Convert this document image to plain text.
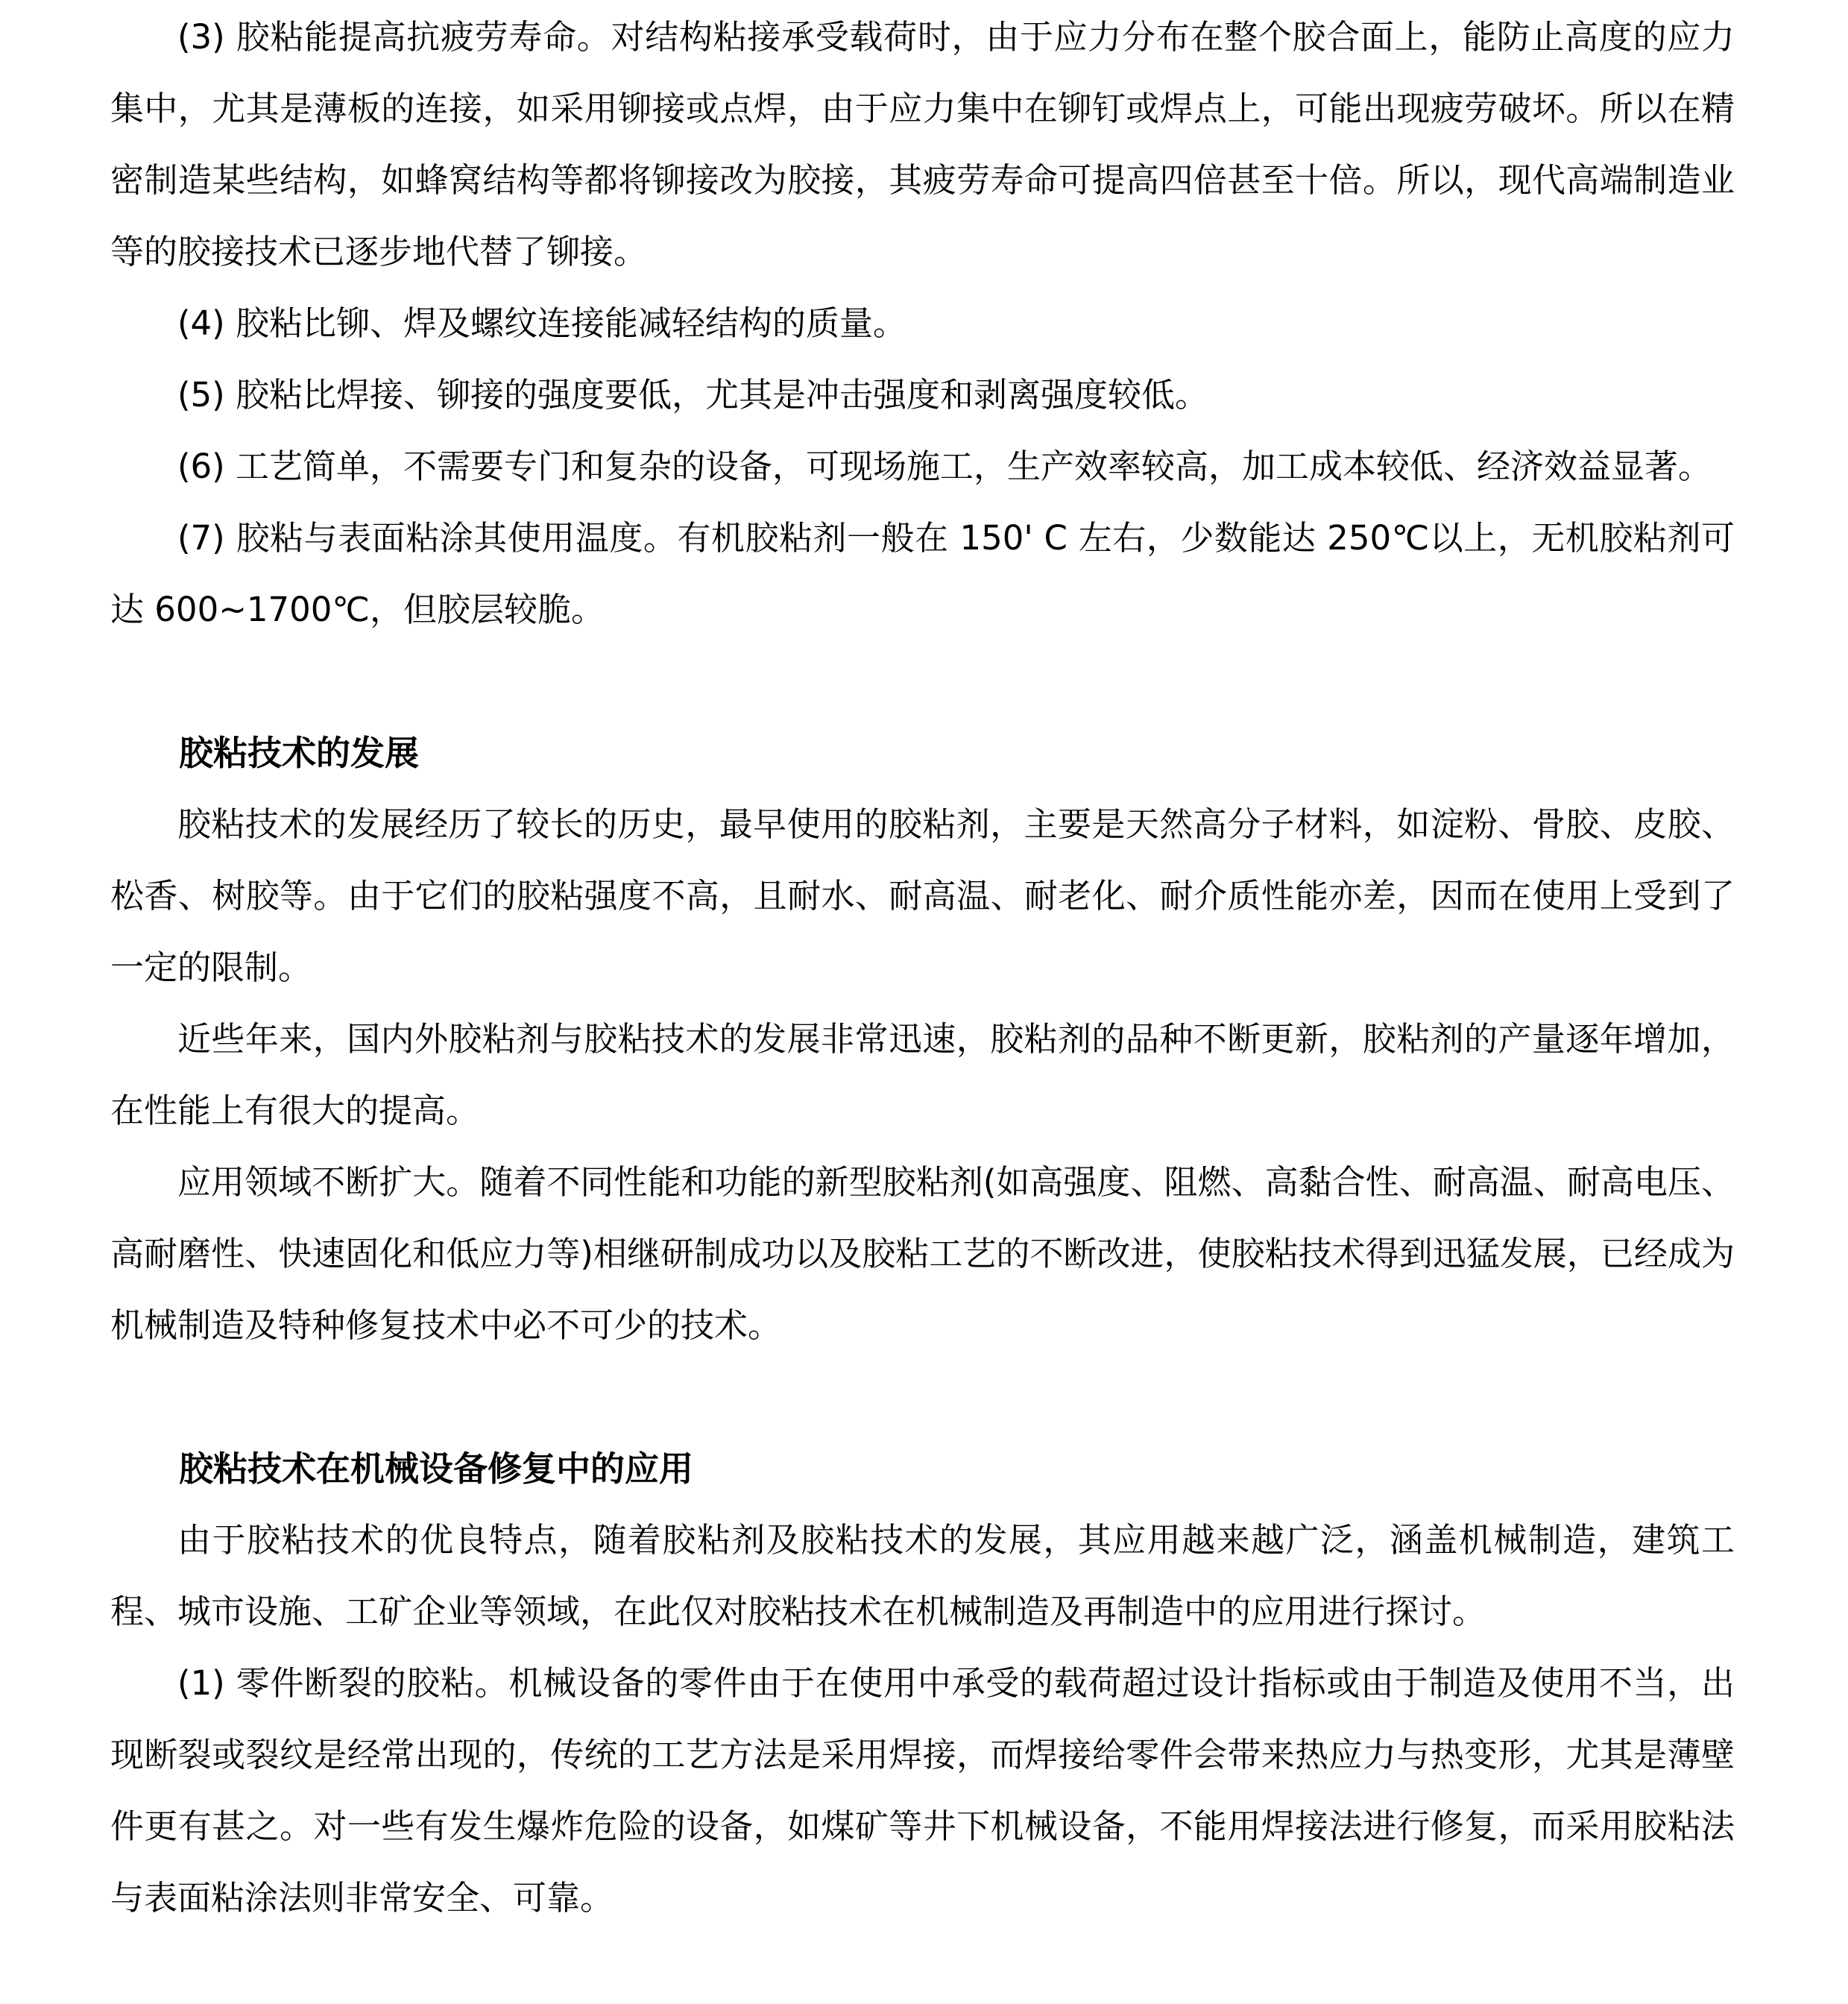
(3) 胶粘能提高抗疲劳寿命。对结构粘接承受载荷时，由于应力分布在整个胶合面上，能防止高度的应力集中，尤其是薄板的连接，如采用铆接或点焊，由于应力集中在铆钉或焊点上，可能出现疲劳破坏。所以在精密制造某些结构，如蜂窝结构等都将铆接改为胶接，其疲劳寿命可提高四倍甚至十倍。所以，现代高端制造业等的胶接技术已逐步地代替了铆接。

(4) 胶粘比铆、焊及螺纹连接能减轻结构的质量。

(5) 胶粘比焊接、铆接的强度要低，尤其是冲击强度和剥离强度较低。

(6) 工艺简单，不需要专门和复杂的设备，可现场施工，生产效率较高，加工成本较低、经济效益显著。

(7) 胶粘与表面粘涂其使用温度。有机胶粘剂一般在 150' C 左右，少数能达 250℃以上，无机胶粘剂可达 600~1700℃，但胶层较脆。

胶粘技术的发展

胶粘技术的发展经历了较长的历史，最早使用的胶粘剂，主要是天然高分子材料，如淀粉、骨胶、皮胶、松香、树胶等。由于它们的胶粘强度不高，且耐水、耐高温、耐老化、耐介质性能亦差，因而在使用上受到了一定的限制。

近些年来，国内外胶粘剂与胶粘技术的发展非常迅速，胶粘剂的品种不断更新，胶粘剂的产量逐年增加，在性能上有很大的提高。

应用领域不断扩大。随着不同性能和功能的新型胶粘剂(如高强度、阻燃、高黏合性、耐高温、耐高电压、高耐磨性、快速固化和低应力等)相继研制成功以及胶粘工艺的不断改进，使胶粘技术得到迅猛发展，已经成为机械制造及特种修复技术中必不可少的技术。

胶粘技术在机械设备修复中的应用

由于胶粘技术的优良特点，随着胶粘剂及胶粘技术的发展，其应用越来越广泛，涵盖机械制造，建筑工程、城市设施、工矿企业等领域，在此仅对胶粘技术在机械制造及再制造中的应用进行探讨。

(1) 零件断裂的胶粘。机械设备的零件由于在使用中承受的载荷超过设计指标或由于制造及使用不当，出现断裂或裂纹是经常出现的，传统的工艺方法是采用焊接，而焊接给零件会带来热应力与热变形，尤其是薄壁件更有甚之。对一些有发生爆炸危险的设备，如煤矿等井下机械设备，不能用焊接法进行修复，而采用胶粘法与表面粘涂法则非常安全、可靠。
